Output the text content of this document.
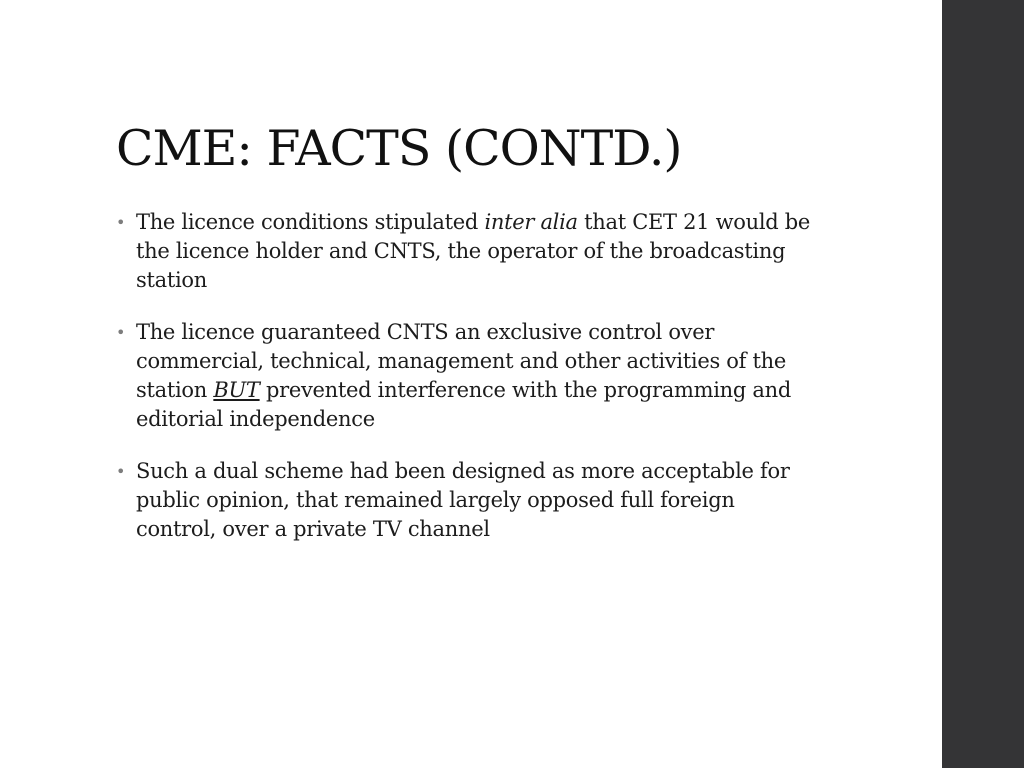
CME: FACTS (CONTD.)
• The licence conditions stipulated inter alia that CET 21 would be the licence holder and CNTS, the operator of the broadcasting station
• The licence guaranteed CNTS an exclusive control over commercial, technical, management and other activities of the station BUT prevented interference with the programming and editorial independence
• Such a dual scheme had been designed as more acceptable for public opinion, that remained largely opposed full foreign control, over a private TV channel
